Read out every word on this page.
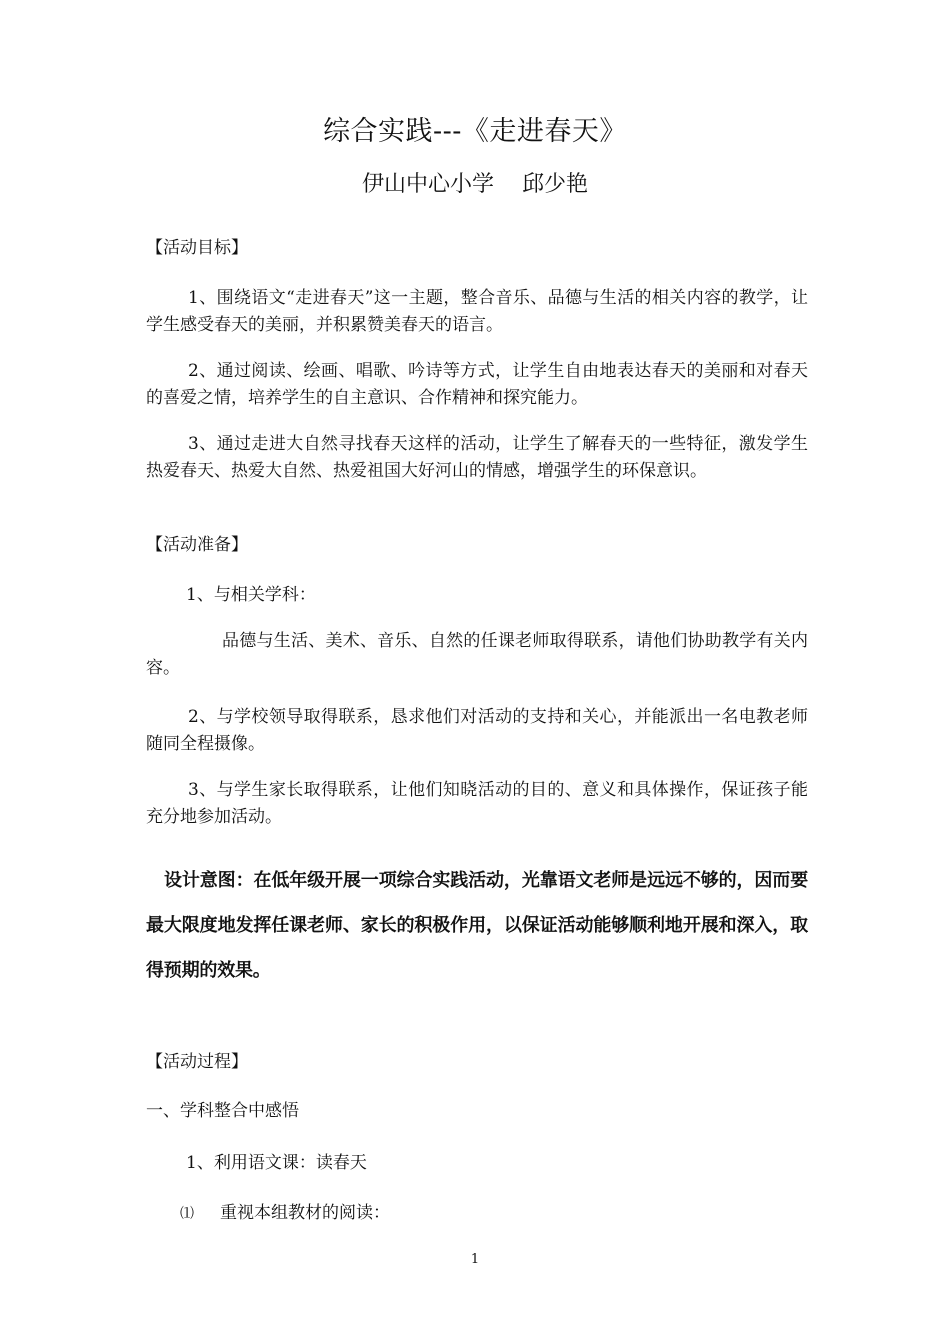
综合实践---《走进春天》
伊山中心小学    邱少艳
【活动目标】
1、围绕语文“走进春天”这一主题，整合音乐、品德与生活的相关内容的教学，让学生感受春天的美丽，并积累赞美春天的语言。
2、通过阅读、绘画、唱歌、吟诗等方式，让学生自由地表达春天的美丽和对春天的喜爱之情，培养学生的自主意识、合作精神和探究能力。
3、通过走进大自然寻找春天这样的活动，让学生了解春天的一些特征，激发学生热爱春天、热爱大自然、热爱祖国大好河山的情感，增强学生的环保意识。
【活动准备】
1、与相关学科：
品德与生活、美术、音乐、自然的任课老师取得联系，请他们协助教学有关内容。
2、与学校领导取得联系，恳求他们对活动的支持和关心，并能派出一名电教老师随同全程摄像。
3、与学生家长取得联系，让他们知晓活动的目的、意义和具体操作，保证孩子能充分地参加活动。
设计意图：在低年级开展一项综合实践活动，光靠语文老师是远远不够的，因而要最大限度地发挥任课老师、家长的积极作用，以保证活动能够顺利地开展和深入，取得预期的效果。
【活动过程】
一、学科整合中感悟
1、利用语文课：读春天
⑴ 重视本组教材的阅读：
1
